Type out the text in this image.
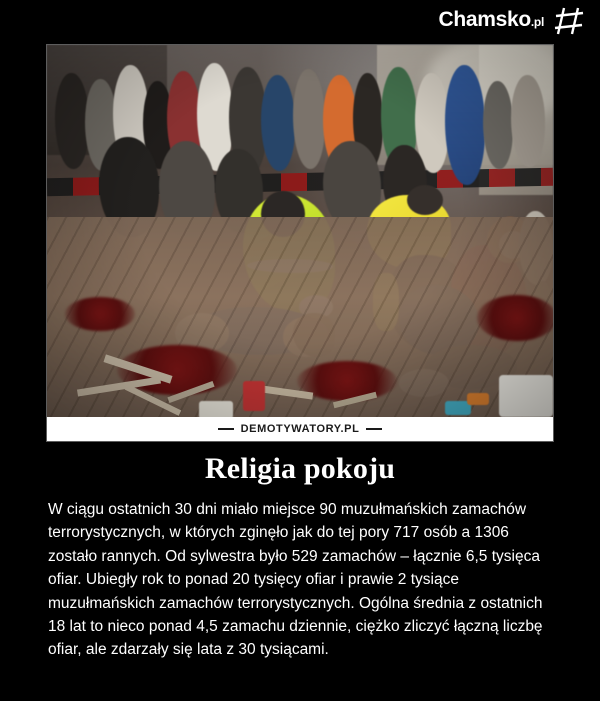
Chamsko.pl
DEMOTYWATORY.PL
Religia pokoju
W ciągu ostatnich 30 dni miało miejsce 90 muzułmańskich zamachów terrorystycznych, w których zginęło jak do tej pory 717 osób a 1306 zostało rannych. Od sylwestra było 529 zamachów – łącznie 6,5 tysięca ofiar. Ubiegły rok to ponad 20 tysięcy ofiar i prawie 2 tysiące muzułmańskich zamachów terrorystycznych. Ogólna średnia z ostatnich 18 lat to nieco ponad 4,5 zamachu dziennie, ciężko zliczyć łączną liczbę ofiar, ale zdarzały się lata z 30 tysiącami.
